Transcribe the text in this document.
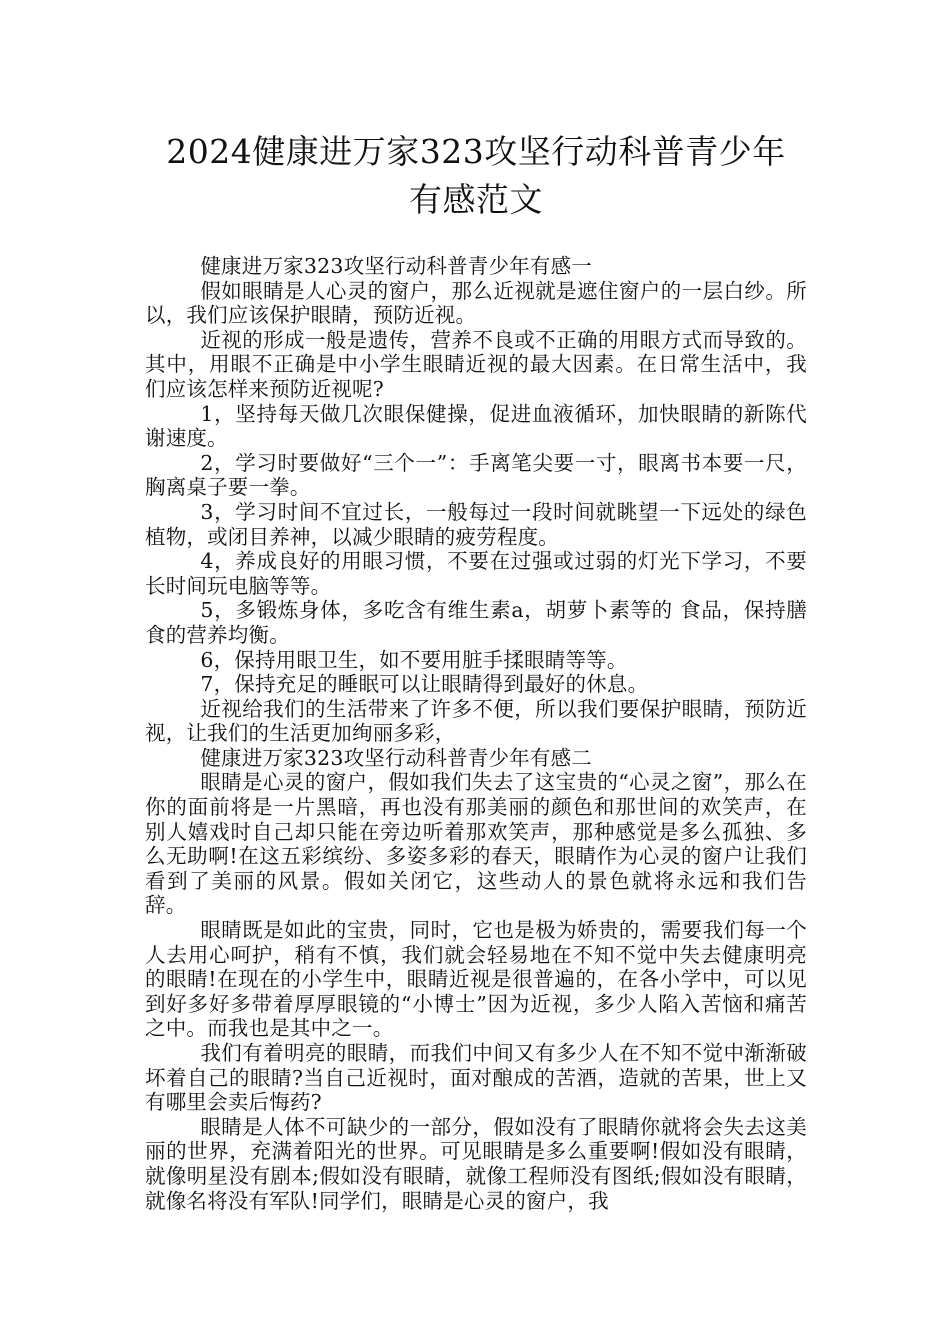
2024健康进万家323攻坚行动科普青少年
有感范文

健康进万家323攻坚行动科普青少年有感一

假如眼睛是人心灵的窗户，那么近视就是遮住窗户的一层白纱。所以，我们应该保护眼睛，预防近视。

近视的形成一般是遗传，营养不良或不正确的用眼方式而导致的。其中，用眼不正确是中小学生眼睛近视的最大因素。在日常生活中，我们应该怎样来预防近视呢?

1，坚持每天做几次眼保健操，促进血液循环，加快眼睛的新陈代谢速度。

2，学习时要做好“三个一”：手离笔尖要一寸，眼离书本要一尺，胸离桌子要一拳。

3，学习时间不宜过长，一般每过一段时间就眺望一下远处的绿色植物，或闭目养神，以减少眼睛的疲劳程度。

4，养成良好的用眼习惯，不要在过强或过弱的灯光下学习，不要长时间玩电脑等等。

5，多锻炼身体，多吃含有维生素a，胡萝卜素等的 食品，保持膳食的营养均衡。

6，保持用眼卫生，如不要用脏手揉眼睛等等。

7，保持充足的睡眠可以让眼睛得到最好的休息。

近视给我们的生活带来了许多不便，所以我们要保护眼睛，预防近视，让我们的生活更加绚丽多彩，

健康进万家323攻坚行动科普青少年有感二

眼睛是心灵的窗户，假如我们失去了这宝贵的“心灵之窗”，那么在你的面前将是一片黑暗，再也没有那美丽的颜色和那世间的欢笑声，在别人嬉戏时自己却只能在旁边听着那欢笑声，那种感觉是多么孤独、多么无助啊!在这五彩缤纷、多姿多彩的春天，眼睛作为心灵的窗户让我们看到了美丽的风景。假如关闭它，这些动人的景色就将永远和我们告辞。

眼睛既是如此的宝贵，同时，它也是极为娇贵的，需要我们每一个人去用心呵护，稍有不慎，我们就会轻易地在不知不觉中失去健康明亮的眼睛!在现在的小学生中，眼睛近视是很普遍的，在各小学中，可以见到好多好多带着厚厚眼镜的“小博士”因为近视，多少人陷入苦恼和痛苦之中。而我也是其中之一。

我们有着明亮的眼睛，而我们中间又有多少人在不知不觉中渐渐破坏着自己的眼睛?当自己近视时，面对酿成的苦酒，造就的苦果，世上又有哪里会卖后悔药?

眼睛是人体不可缺少的一部分，假如没有了眼睛你就将会失去这美丽的世界，充满着阳光的世界。可见眼睛是多么重要啊!假如没有眼睛，就像明星没有剧本;假如没有眼睛，就像工程师没有图纸;假如没有眼睛，就像名将没有军队!同学们，眼睛是心灵的窗户，我
